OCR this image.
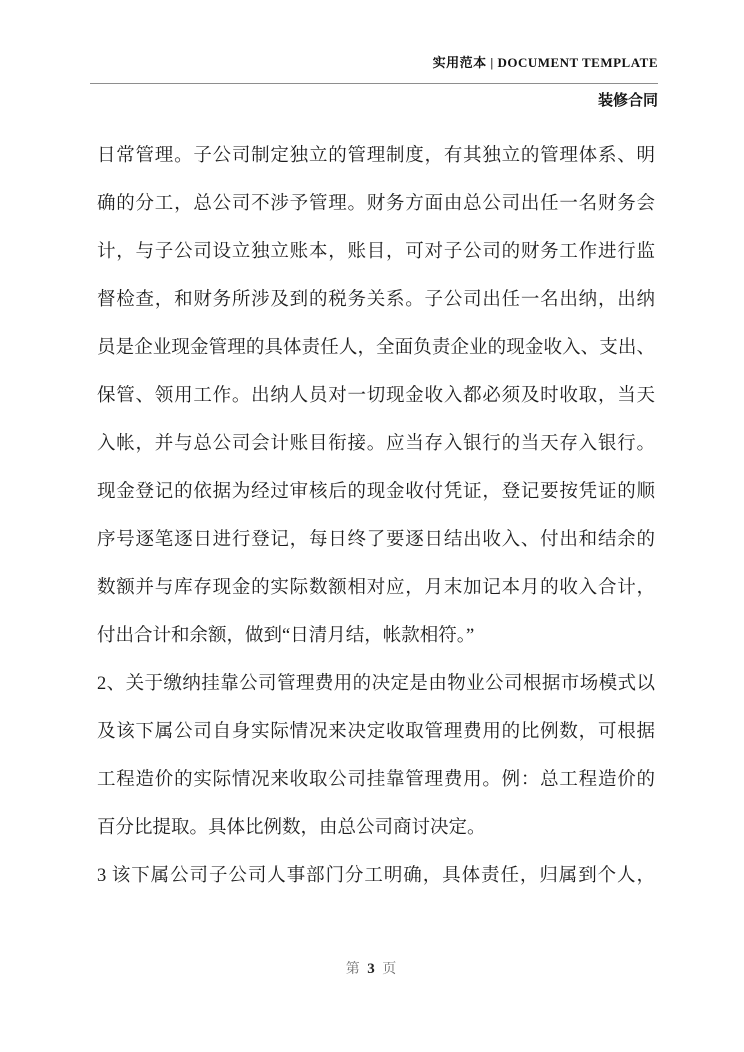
实用范本 | DOCUMENT TEMPLATE
装修合同
日常管理。子公司制定独立的管理制度，有其独立的管理体系、明
确的分工，总公司不涉予管理。财务方面由总公司出任一名财务会
计，与子公司设立独立账本，账目，可对子公司的财务工作进行监
督检查，和财务所涉及到的税务关系。子公司出任一名出纳，出纳
员是企业现金管理的具体责任人，全面负责企业的现金收入、支出、
保管、领用工作。出纳人员对一切现金收入都必须及时收取，当天
入帐，并与总公司会计账目衔接。应当存入银行的当天存入银行。
现金登记的依据为经过审核后的现金收付凭证，登记要按凭证的顺
序号逐笔逐日进行登记，每日终了要逐日结出收入、付出和结余的
数额并与库存现金的实际数额相对应，月末加记本月的收入合计，
付出合计和余额，做到“日清月结，帐款相符。”
2、关于缴纳挂靠公司管理费用的决定是由物业公司根据市场模式以
及该下属公司自身实际情况来决定收取管理费用的比例数，可根据
工程造价的实际情况来收取公司挂靠管理费用。例：总工程造价的
百分比提取。具体比例数，由总公司商讨决定。
3 该下属公司子公司人事部门分工明确，具体责任，归属到个人，
第 3 页
